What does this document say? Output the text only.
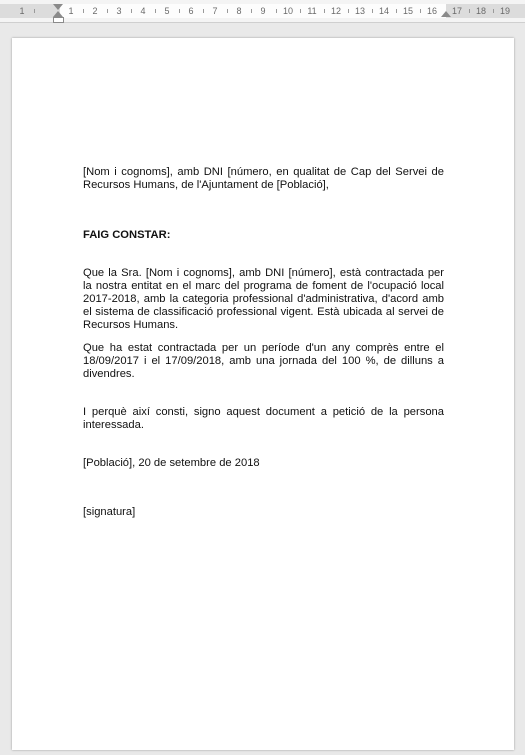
1	1 2 3 4 5 6 7 8 9 10 11 12 13 14 15 16 17 18 19
[Nom i cognoms], amb DNI [número, en qualitat de Cap del Servei de Recursos Humans, de l'Ajuntament de [Població],
FAIG CONSTAR:
Que la Sra. [Nom i cognoms], amb DNI [número], està contractada per la nostra entitat en el marc del programa de foment de l'ocupació local 2017-2018, amb la categoria professional d'administrativa, d'acord amb el sistema de classificació professional vigent. Està ubicada al servei de Recursos Humans.
Que ha estat contractada per un període d'un any comprès entre el 18/09/2017 i el 17/09/2018, amb una jornada del 100 %, de dilluns a divendres.
I perquè així consti, signo aquest document a petició de la persona interessada.
[Població], 20 de setembre de 2018
[signatura]
